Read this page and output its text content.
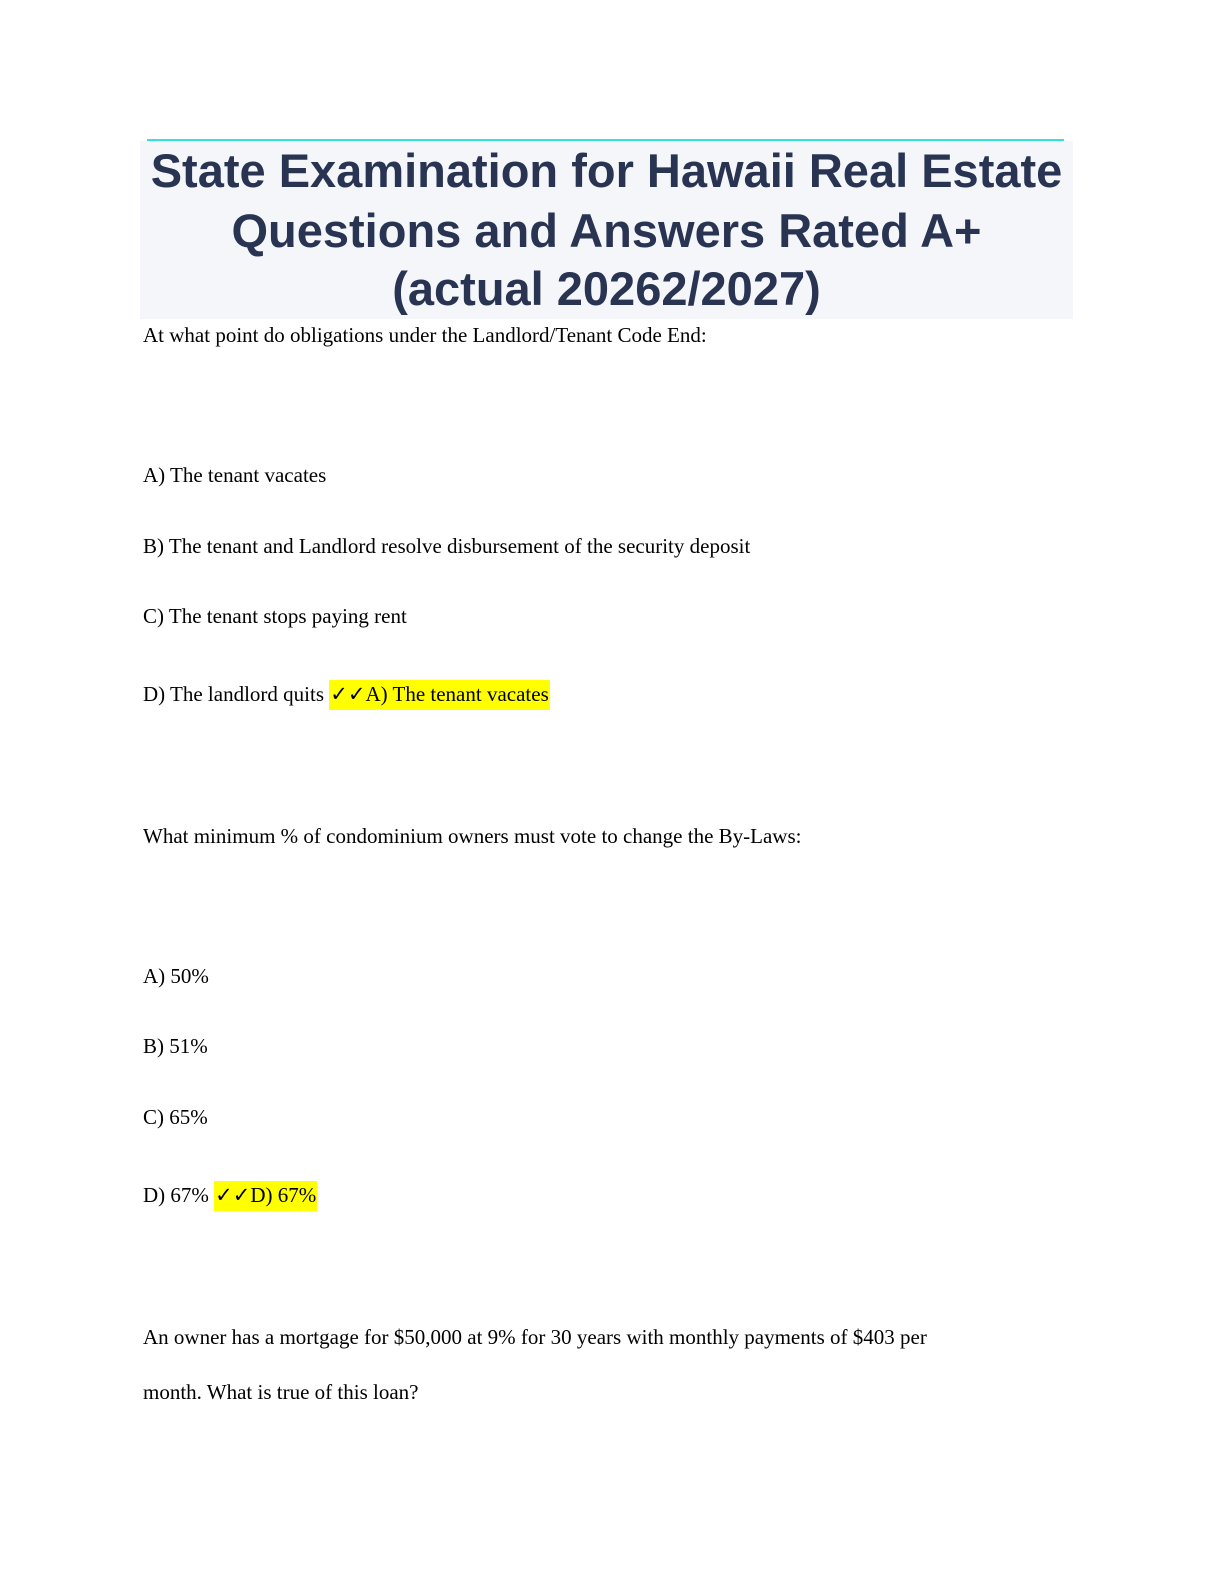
State Examination for Hawaii Real Estate
Questions and Answers Rated A+
(actual 20262/2027)
At what point do obligations under the Landlord/Tenant Code End:
A) The tenant vacates
B) The tenant and Landlord resolve disbursement of the security deposit
C) The tenant stops paying rent
D) The landlord quits ✓✓A) The tenant vacates
What minimum % of condominium owners must vote to change the By-Laws:
A) 50%
B) 51%
C) 65%
D) 67% ✓✓D) 67%
An owner has a mortgage for $50,000 at 9% for 30 years with monthly payments of $403 per
month. What is true of this loan?
